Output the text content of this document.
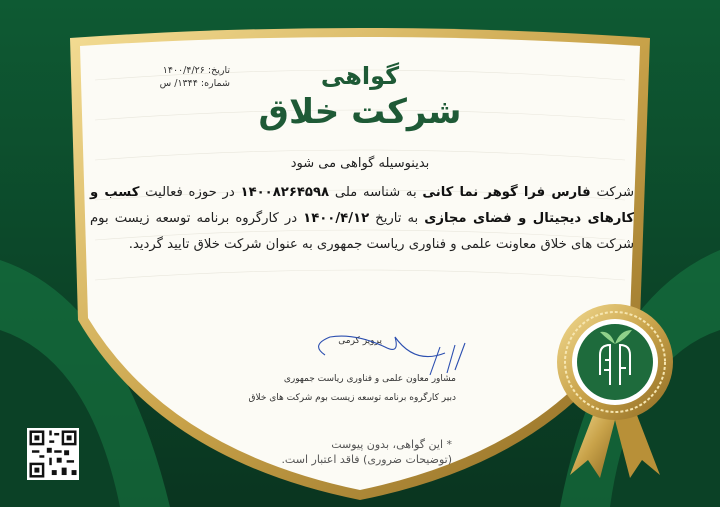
تاریخ: ۱۴۰۰/۴/۲۶
شماره: ۱۳۴۴/ س	گواهی
شرکت خلاق
بدینوسیله گواهی می شود
شرکت فارس فرا گوهر نما کانی به شناسه ملی ۱۴۰۰۸۲۶۴۵۹۸ در حوزه فعالیت کسب و کارهای دیجیتال و فضای مجازی به تاریخ ۱۴۰۰/۴/۱۲ در کارگروه برنامه توسعه زیست بوم شرکت های خلاق معاونت علمی و فناوری ریاست جمهوری به عنوان شرکت خلاق تایید گردید.
پرویز کرمی
مشاور معاون علمی و فناوری ریاست جمهوری
دبیر کارگروه برنامه توسعه زیست بوم شرکت های خلاق
* این گواهی، بدون پیوست
(توضیحات ضروری) فاقد اعتبار است.
